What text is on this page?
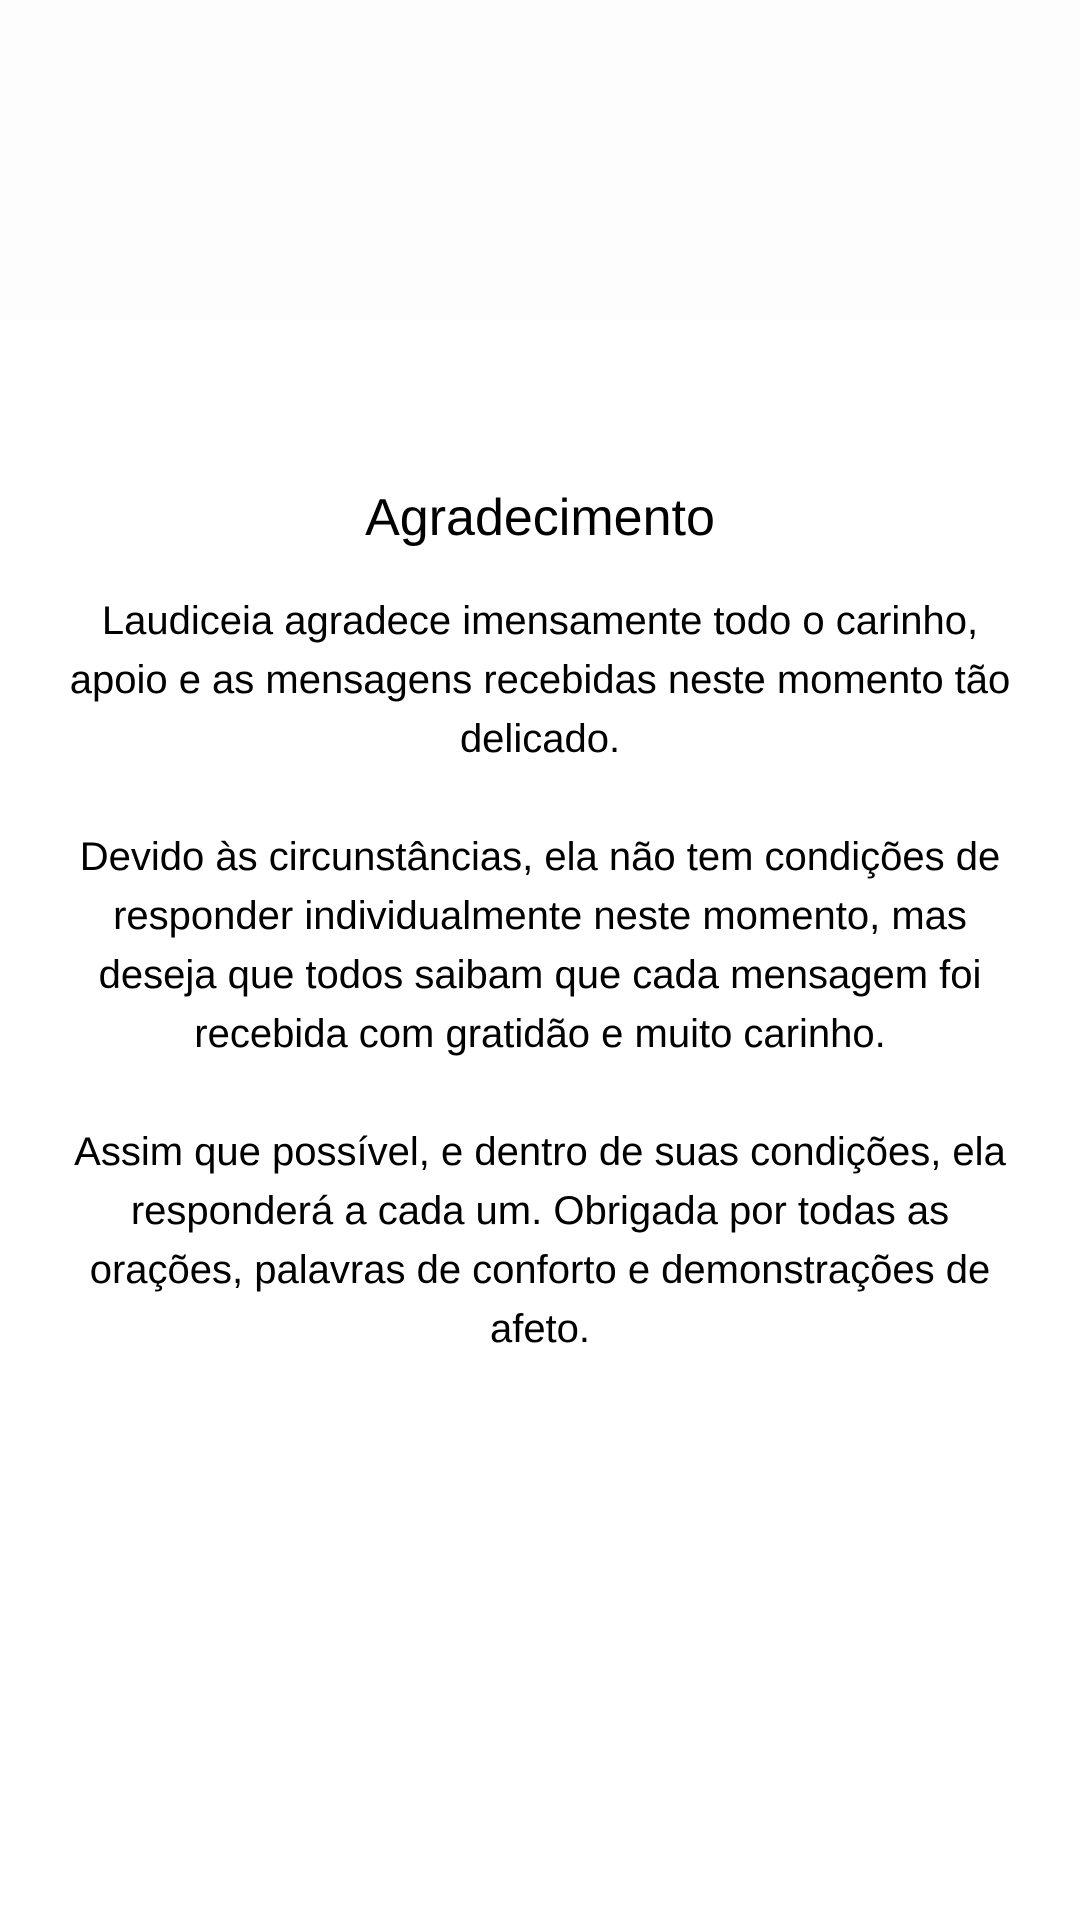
Agradecimento

Laudiceia agradece imensamente todo o carinho,
apoio e as mensagens recebidas neste momento tão
delicado.

Devido às circunstâncias, ela não tem condições de
responder individualmente neste momento, mas
deseja que todos saibam que cada mensagem foi
recebida com gratidão e muito carinho.

Assim que possível, e dentro de suas condições, ela
responderá a cada um. Obrigada por todas as
orações, palavras de conforto e demonstrações de
afeto.
